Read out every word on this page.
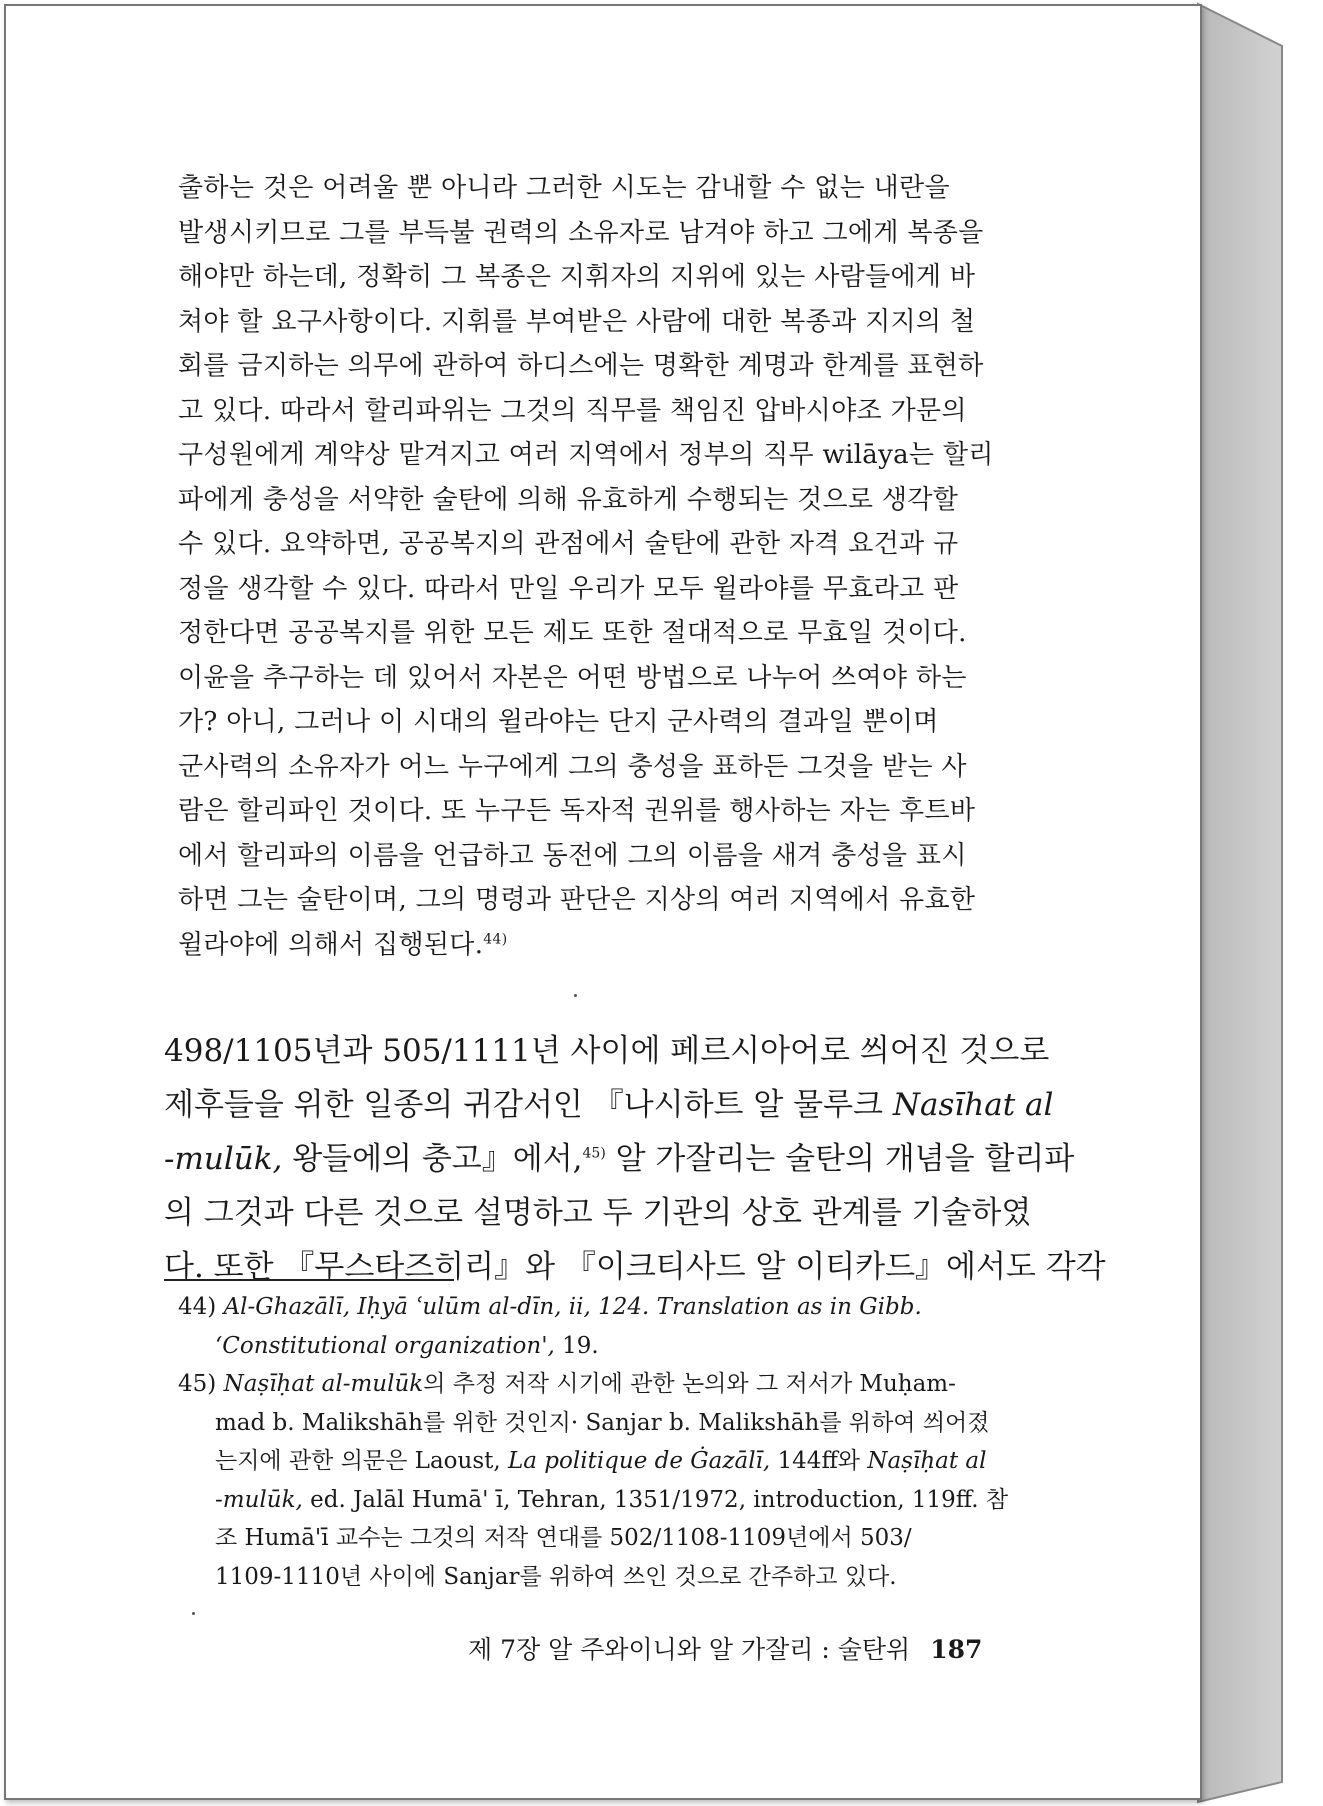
출하는 것은 어려울 뿐 아니라 그러한 시도는 감내할 수 없는 내란을
발생시키므로 그를 부득불 권력의 소유자로 남겨야 하고 그에게 복종을
해야만 하는데, 정확히 그 복종은 지휘자의 지위에 있는 사람들에게 바
쳐야 할 요구사항이다. 지휘를 부여받은 사람에 대한 복종과 지지의 철
회를 금지하는 의무에 관하여 하디스에는 명확한 계명과 한계를 표현하
고 있다. 따라서 할리파위는 그것의 직무를 책임진 압바시야조 가문의
구성원에게 계약상 맡겨지고 여러 지역에서 정부의 직무 wilāya는 할리
파에게 충성을 서약한 술탄에 의해 유효하게 수행되는 것으로 생각할
수 있다. 요약하면, 공공복지의 관점에서 술탄에 관한 자격 요건과 규
정을 생각할 수 있다. 따라서 만일 우리가 모두 윌라야를 무효라고 판
정한다면 공공복지를 위한 모든 제도 또한 절대적으로 무효일 것이다.
이윤을 추구하는 데 있어서 자본은 어떤 방법으로 나누어 쓰여야 하는
가? 아니, 그러나 이 시대의 윌라야는 단지 군사력의 결과일 뿐이며
군사력의 소유자가 어느 누구에게 그의 충성을 표하든 그것을 받는 사
람은 할리파인 것이다. 또 누구든 독자적 권위를 행사하는 자는 후트바
에서 할리파의 이름을 언급하고 동전에 그의 이름을 새겨 충성을 표시
하면 그는 술탄이며, 그의 명령과 판단은 지상의 여러 지역에서 유효한
윌라야에 의해서 집행된다.$^{44)}$
498/1105년과 505/1111년 사이에 페르시아어로 씌어진 것으로
제후들을 위한 일종의 귀감서인 『나시하트 알 물루크 Nasīhat al
-mulūk, 왕들에의 충고』에서,$^{45)}$ 알 가잘리는 술탄의 개념을 할리파
의 그것과 다른 것으로 설명하고 두 기관의 상호 관계를 기술하였
다. 또한 『무스타즈히리』와 『이크티사드 알 이티카드』에서도 각각
44) Al-Ghazālī, Iḥyā ʿulūm al-dīn, ii, 124. Translation as in Gibb.
ʻConstitutional organization', 19.
45) Naṣīḥat al-mulūk의 추정 저작 시기에 관한 논의와 그 저서가 Muḥam-
mad b. Malikshāh를 위한 것인지· Sanjar b. Malikshāh를 위하여 씌어졌
는지에 관한 의문은 Laoust, La politique de Ġazālī, 144ff와 Naṣīḥat al
-mulūk, ed. Jalāl Humā' ī, Tehran, 1351/1972, introduction, 119ff. 참
조 Humā'ī 교수는 그것의 저작 연대를 502/1108-1109년에서 503/
1109-1110년 사이에 Sanjar를 위하여 쓰인 것으로 간주하고 있다.
제 7장 알 주와이니와 알 가잘리 : 술탄위 187
